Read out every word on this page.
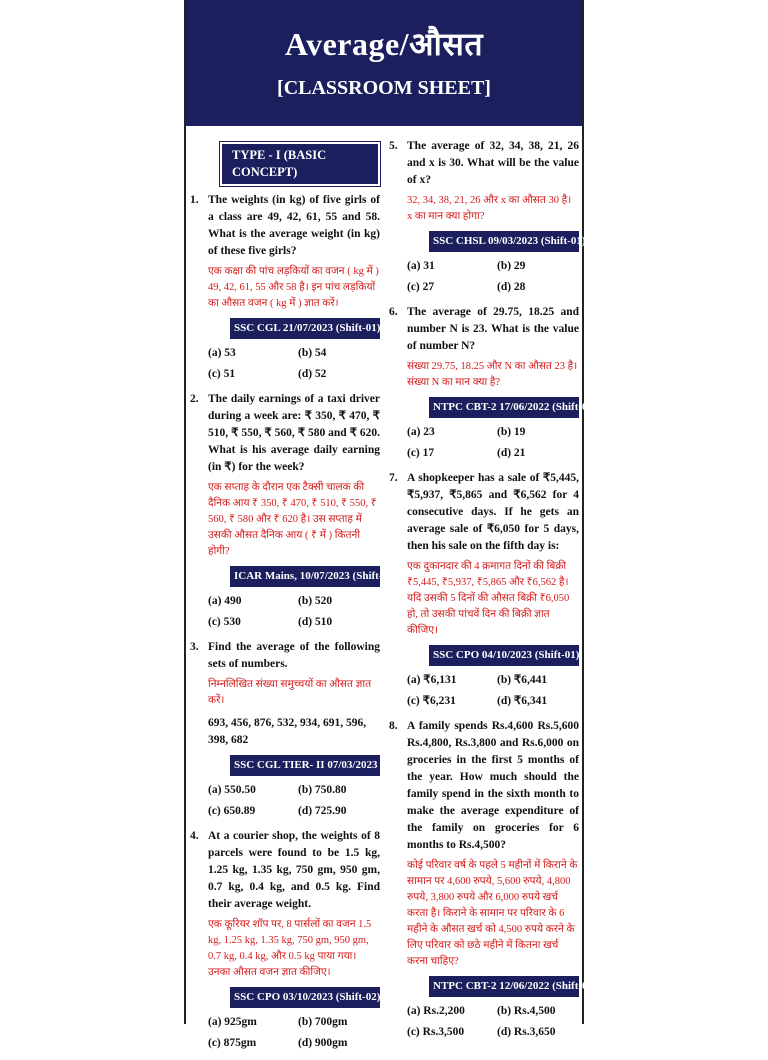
Average/औसत
[CLASSROOM SHEET]
TYPE - I (BASIC CONCEPT)
1. The weights (in kg) of five girls of a class are 49, 42, 61, 55 and 58. What is the average weight (in kg) of these five girls?
एक कक्षा की पांच लड़कियों का वजन ( kg में ) 49, 42, 61, 55 और 58 है। इन पांच लड़कियों का औसत वजन ( kg में ) ज्ञात करें।
SSC CGL 21/07/2023 (Shift-01)
(a) 53	(b) 54
(c) 51	(d) 52
2. The daily earnings of a taxi driver during a week are: ₹ 350, ₹ 470, ₹ 510, ₹ 550, ₹ 560, ₹ 580 and ₹ 620. What is his average daily earning (in ₹) for the week?
एक सप्ताह के दौरान एक टैक्सी चालक की दैनिक आय ₹ 350, ₹ 470, ₹ 510, ₹ 550, ₹ 560, ₹ 580 और ₹ 620 है। उस सप्ताह में उसकी औसत दैनिक आय ( ₹ में ) कितनी होगी?
ICAR Mains, 10/07/2023 (Shift-2)
(a) 490	(b) 520
(c) 530	(d) 510
3. Find the average of the following sets of numbers.
निम्नलिखित संख्या समुच्चयों का औसत ज्ञात करें।
693, 456, 876, 532, 934, 691, 596, 398, 682
SSC CGL TIER- II 07/03/2023
(a) 550.50	(b) 750.80
(c) 650.89	(d) 725.90
4. At a courier shop, the weights of 8 parcels were found to be 1.5 kg, 1.25 kg, 1.35 kg, 750 gm, 950 gm, 0.7 kg, 0.4 kg, and 0.5 kg. Find their average weight.
एक कूरियर शॉप पर, 8 पार्सलों का वजन 1.5 kg, 1.25 kg, 1.35 kg, 750 gm, 950 gm, 0.7 kg, 0.4 kg, और 0.5 kg पाया गया। उनका औसत वजन ज्ञात कीजिए।
SSC CPO 03/10/2023 (Shift-02)
(a) 925gm	(b) 700gm
(c) 875gm	(d) 900gm
5. The average of 32, 34, 38, 21, 26 and x is 30. What will be the value of x?
32, 34, 38, 21, 26 और x का औसत 30 है। x का मान क्या होगा?
SSC CHSL 09/03/2023 (Shift-01)
(a) 31	(b) 29
(c) 27	(d) 28
6. The average of 29.75, 18.25 and number N is 23. What is the value of number N?
संख्या 29.75, 18.25 और N का औसत 23 है। संख्या N का मान क्या है?
NTPC CBT-2 17/06/2022 (Shift-01)
(a) 23	(b) 19
(c) 17	(d) 21
7. A shopkeeper has a sale of ₹5,445, ₹5,937, ₹5,865 and ₹6,562 for 4 consecutive days. If he gets an average sale of ₹6,050 for 5 days, then his sale on the fifth day is:
एक दुकानदार की 4 क्रमागत दिनों की बिक्री ₹5,445, ₹5,937, ₹5,865 और ₹6,562 है। यदि उसकी 5 दिनों की औसत बिक्री ₹6,050 हो, तो उसकी पांचवें दिन की बिक्री ज्ञात कीजिए।
SSC CPO 04/10/2023 (Shift-01)
(a) ₹6,131	(b) ₹6,441
(c) ₹6,231	(d) ₹6,341
8. A family spends Rs.4,600 Rs.5,600 Rs.4,800, Rs.3,800 and Rs.6,000 on groceries in the first 5 months of the year. How much should the family spend in the sixth month to make the average expenditure of the family on groceries for 6 months to Rs.4,500?
कोई परिवार वर्ष के पहले 5 महीनों में किराने के सामान पर 4,600 रुपये, 5,600 रुपये, 4,800 रुपये, 3,800 रुपये और 6,000 रुपये खर्च करता है। किराने के सामान पर परिवार के 6 महीने के औसत खर्च को 4,500 रुपये करने के लिए परिवार को छठे महीने में कितना खर्च करना चाहिए?
NTPC CBT-2 12/06/2022 (Shift-01)
(a) Rs.2,200	(b) Rs.4,500
(c) Rs.3,500	(d) Rs.3,650
